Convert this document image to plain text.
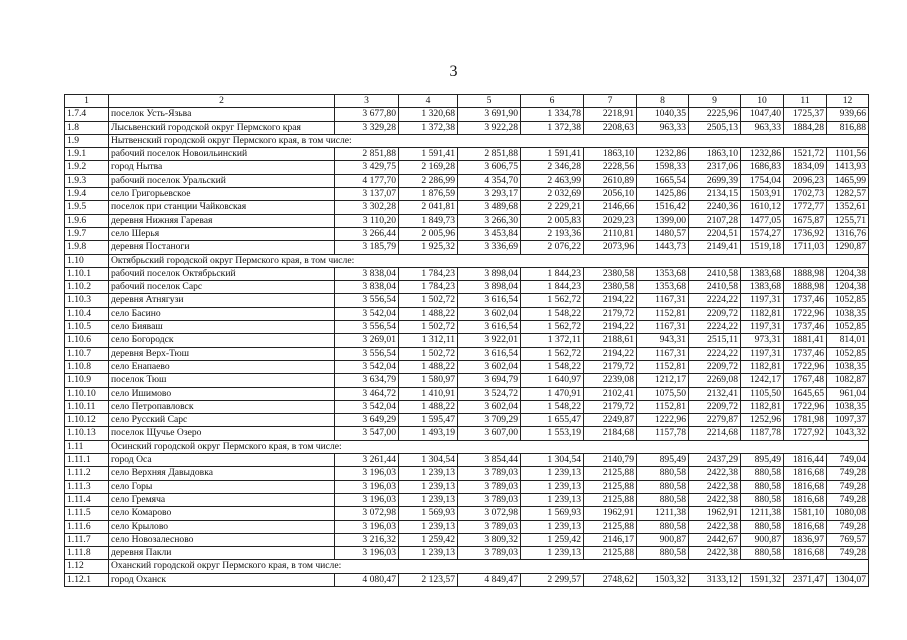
3
1	2	3	4	5	6	7	8	9	10	11	12
1.7.4	поселок Усть-Язьва	3 677,80	1 320,68	3 691,90	1 334,78	2218,91	1040,35	2225,96	1047,40	1725,37	939,66
1.8	Лысьвенский городской округ Пермского края	3 329,28	1 372,38	3 922,28	1 372,38	2208,63	963,33	2505,13	963,33	1884,28	816,88
1.9	Нытвенский городской округ Пермского края, в том числе:										
1.9.1	рабочий поселок Новоильинский	2 851,88	1 591,41	2 851,88	1 591,41	1863,10	1232,86	1863,10	1232,86	1521,72	1101,56
1.9.2	город Нытва	3 429,75	2 169,28	3 606,75	2 346,28	2228,56	1598,33	2317,06	1686,83	1834,09	1413,93
1.9.3	рабочий поселок Уральский	4 177,70	2 286,99	4 354,70	2 463,99	2610,89	1665,54	2699,39	1754,04	2096,23	1465,99
1.9.4	село Григорьевское	3 137,07	1 876,59	3 293,17	2 032,69	2056,10	1425,86	2134,15	1503,91	1702,73	1282,57
1.9.5	поселок при станции Чайковская	3 302,28	2 041,81	3 489,68	2 229,21	2146,66	1516,42	2240,36	1610,12	1772,77	1352,61
1.9.6	деревня Нижняя Гаревая	3 110,20	1 849,73	3 266,30	2 005,83	2029,23	1399,00	2107,28	1477,05	1675,87	1255,71
1.9.7	село Шерья	3 266,44	2 005,96	3 453,84	2 193,36	2110,81	1480,57	2204,51	1574,27	1736,92	1316,76
1.9.8	деревня Постаноги	3 185,79	1 925,32	3 336,69	2 076,22	2073,96	1443,73	2149,41	1519,18	1711,03	1290,87
1.10	Октябрьский городской округ Пермского края, в том числе:										
1.10.1	рабочий поселок Октябрьский	3 838,04	1 784,23	3 898,04	1 844,23	2380,58	1353,68	2410,58	1383,68	1888,98	1204,38
1.10.2	рабочий поселок Сарс	3 838,04	1 784,23	3 898,04	1 844,23	2380,58	1353,68	2410,58	1383,68	1888,98	1204,38
1.10.3	деревня Атнягузи	3 556,54	1 502,72	3 616,54	1 562,72	2194,22	1167,31	2224,22	1197,31	1737,46	1052,85
1.10.4	село Басино	3 542,04	1 488,22	3 602,04	1 548,22	2179,72	1152,81	2209,72	1182,81	1722,96	1038,35
1.10.5	село Бияваш	3 556,54	1 502,72	3 616,54	1 562,72	2194,22	1167,31	2224,22	1197,31	1737,46	1052,85
1.10.6	село Богородск	3 269,01	1 312,11	3 922,01	1 372,11	2188,61	943,31	2515,11	973,31	1881,41	814,01
1.10.7	деревня Верх-Тюш	3 556,54	1 502,72	3 616,54	1 562,72	2194,22	1167,31	2224,22	1197,31	1737,46	1052,85
1.10.8	село Енапаево	3 542,04	1 488,22	3 602,04	1 548,22	2179,72	1152,81	2209,72	1182,81	1722,96	1038,35
1.10.9	поселок Тюш	3 634,79	1 580,97	3 694,79	1 640,97	2239,08	1212,17	2269,08	1242,17	1767,48	1082,87
1.10.10	село Ишимово	3 464,72	1 410,91	3 524,72	1 470,91	2102,41	1075,50	2132,41	1105,50	1645,65	961,04
1.10.11	село Петропавловск	3 542,04	1 488,22	3 602,04	1 548,22	2179,72	1152,81	2209,72	1182,81	1722,96	1038,35
1.10.12	село Русский Сарс	3 649,29	1 595,47	3 709,29	1 655,47	2249,87	1222,96	2279,87	1252,96	1781,98	1097,37
1.10.13	поселок Щучье Озеро	3 547,00	1 493,19	3 607,00	1 553,19	2184,68	1157,78	2214,68	1187,78	1727,92	1043,32
1.11	Осинский городской округ Пермского края, в том числе:										
1.11.1	город Оса	3 261,44	1 304,54	3 854,44	1 304,54	2140,79	895,49	2437,29	895,49	1816,44	749,04
1.11.2	село Верхняя Давыдовка	3 196,03	1 239,13	3 789,03	1 239,13	2125,88	880,58	2422,38	880,58	1816,68	749,28
1.11.3	село Горы	3 196,03	1 239,13	3 789,03	1 239,13	2125,88	880,58	2422,38	880,58	1816,68	749,28
1.11.4	село Гремяча	3 196,03	1 239,13	3 789,03	1 239,13	2125,88	880,58	2422,38	880,58	1816,68	749,28
1.11.5	село Комарово	3 072,98	1 569,93	3 072,98	1 569,93	1962,91	1211,38	1962,91	1211,38	1581,10	1080,08
1.11.6	село Крылово	3 196,03	1 239,13	3 789,03	1 239,13	2125,88	880,58	2422,38	880,58	1816,68	749,28
1.11.7	село Новозалесново	3 216,32	1 259,42	3 809,32	1 259,42	2146,17	900,87	2442,67	900,87	1836,97	769,57
1.11.8	деревня Пакли	3 196,03	1 239,13	3 789,03	1 239,13	2125,88	880,58	2422,38	880,58	1816,68	749,28
1.12	Оханский городской округ Пермского края, в том числе:										
1.12.1	город Оханск	4 080,47	2 123,57	4 849,47	2 299,57	2748,62	1503,32	3133,12	1591,32	2371,47	1304,07
